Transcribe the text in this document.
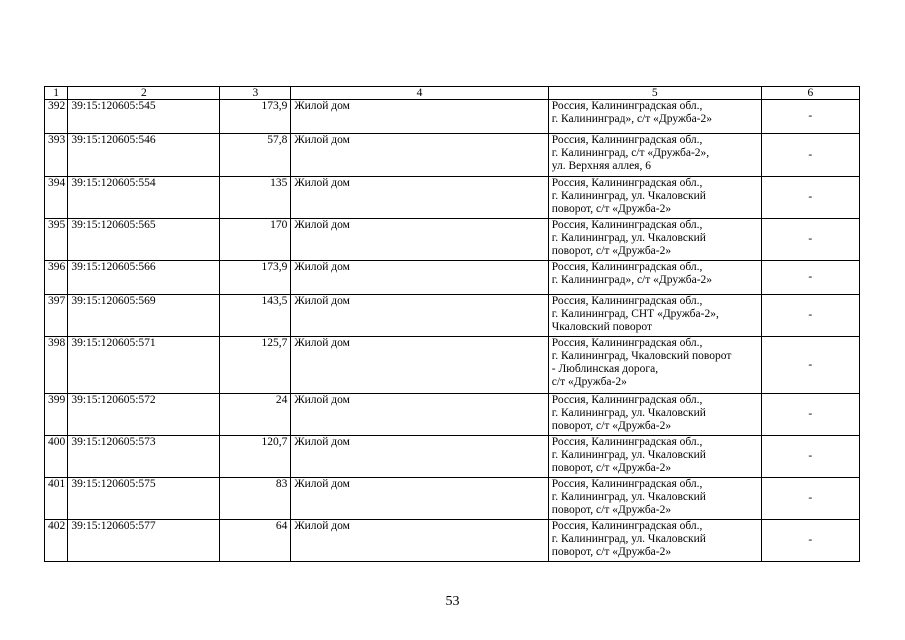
1	2	3	4	5	6
392	39:15:120605:545	173,9	Жилой дом	Россия, Калининградская обл.,
г. Калининград», с/т «Дружба-2»	-
393	39:15:120605:546	57,8	Жилой дом	Россия, Калининградская обл.,
г. Калининград, с/т «Дружба-2»,
ул. Верхняя аллея, 6	-
394	39:15:120605:554	135	Жилой дом	Россия, Калининградская обл.,
г. Калининград, ул. Чкаловский
поворот, с/т «Дружба-2»	-
395	39:15:120605:565	170	Жилой дом	Россия, Калининградская обл.,
г. Калининград, ул. Чкаловский
поворот, с/т «Дружба-2»	-
396	39:15:120605:566	173,9	Жилой дом	Россия, Калининградская обл.,
г. Калининград», с/т «Дружба-2»	-
397	39:15:120605:569	143,5	Жилой дом	Россия, Калининградская обл.,
г. Калининград, СНТ «Дружба-2»,
Чкаловский поворот	-
398	39:15:120605:571	125,7	Жилой дом	Россия, Калининградская обл.,
г. Калининград, Чкаловский поворот
- Люблинская дорога,
с/т «Дружба-2»	-
399	39:15:120605:572	24	Жилой дом	Россия, Калининградская обл.,
г. Калининград, ул. Чкаловский
поворот, с/т «Дружба-2»	-
400	39:15:120605:573	120,7	Жилой дом	Россия, Калининградская обл.,
г. Калининград, ул. Чкаловский
поворот, с/т «Дружба-2»	-
401	39:15:120605:575	83	Жилой дом	Россия, Калининградская обл.,
г. Калининград, ул. Чкаловский
поворот, с/т «Дружба-2»	-
402	39:15:120605:577	64	Жилой дом	Россия, Калининградская обл.,
г. Калининград, ул. Чкаловский
поворот, с/т «Дружба-2»	-
53
